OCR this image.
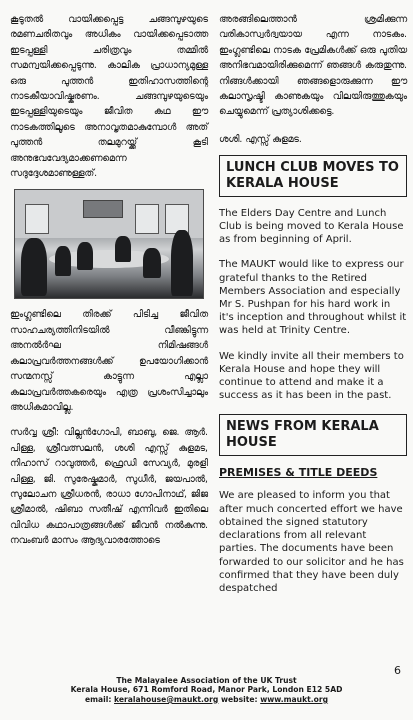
കൂടുതൽ വായിക്കപ്പെട്ട ചങ്ങമ്പുഴയുടെ രമണചരിതവും അധികം വായിക്കപ്പെടാത്ത ഇടപ്പള്ളി ചരിത്രവും തമ്മിൽ സമന്വയിക്കപ്പെടുന്നു. കാലിക പ്രാധാന്യമുള്ള ഒരു പുത്തൻ ഇതിഹാസത്തിന്റെ നാടകീയാവിഷ്കരണം. ചങ്ങമ്പുഴയുടെയും ഇടപ്പള്ളിയുടെയും ജീവിത കഥ ഈ നാടകത്തിലൂടെ അനാവൃതമാകുമ്പോൾ അത് പുത്തൻ തലമുറയ്ക്ക് കൂടി അനുഭവവേദ്യമാക്കണമെന്ന സദുദ്ദേശമാണുള്ളത്.

ഇംഗ്ലണ്ടിലെ തിരക്ക് പിടിച്ച ജീവിത സാഹചര്യത്തിനിടയിൽ വീണ്കിട്ടുന്ന അനൽർഘ നിമിഷങ്ങൾ കലാപ്രവർത്തനങ്ങൾക്ക് ഉപയോഗിക്കാൻ സന്മനസ്സ് കാട്ടുന്ന എല്ലാ കലാപ്രവർത്തകരെയും എത്ര പ്രശംസിച്ചാലും അധികമാവില്ല.

സർവ്വ ശ്രീ: വില്ലൻഗോപി, ബാബു, ജെ. ആർ. പിള്ള, ശ്രീവത്സലൻ, ശശി എസ്സ് കുളമട, നിഹാസ് റാവുത്തർ, ഫ്രെഡി സേവ്യർ, മുരളി പിള്ള, ജി. സുരേഷ്കുമാർ, സുധീർ, ജയപാൽ, സുലോചന ശ്രീധരൻ, രാധാ ഗോപിനാഥ്, ജിജ ശ്രീമാൽ, ഷിബാ സതീഷ് എന്നിവർ ഇതിലെ വിവിധ കഥാപാത്രങ്ങൾക്ക് ജീവൻ നൽകുന്നു. നവംബർ മാസം ആദ്യവാരത്തോടെ

അരങ്ങിലെത്താൻ ശ്രമിക്കുന്ന വരികാസ്വർദ്വയായ എന്ന നാടകം. ഇംഗ്ലണ്ടിലെ നാടക പ്രേമികൾക്ക് ഒരു പുതിയ അനിഭവമായിരിക്കുമെന്ന് ഞങ്ങൾ കരുതുന്നു. നിങ്ങൾക്കായി ഞങ്ങളൊരുക്കുന്ന ഈ കലാസൃഷ്ടി കാണുകയും വിലയിരുത്തുകയും ചെയ്യുമെന്ന് പ്രത്യാശിക്കട്ടെ.

ശശി. എസ്സ് കുളമട.

LUNCH CLUB MOVES TO KERALA HOUSE

The Elders Day Centre and Lunch Club is being moved to Kerala House as from beginning of April.

The MAUKT would like to express our grateful thanks to the Retired Members Association and especially Mr S. Pushpan for his hard work in it's inception and throughout whilst it was held at Trinity Centre.

We kindly invite all their members to Kerala House and hope they will continue to attend and make it a success as it has been in the past.

NEWS FROM KERALA HOUSE
PREMISES & TITLE DEEDS

We are pleased to inform you that after much concerted effort we have obtained the signed statutory declarations from all relevant parties. The documents have been forwarded to our solicitor and he has confirmed that they have been duly despatched

6
The Malayalee Association of the UK Trust
Kerala House, 671 Romford Road, Manor Park, London E12 5AD
email: keralahouse@maukt.org website: www.maukt.org
